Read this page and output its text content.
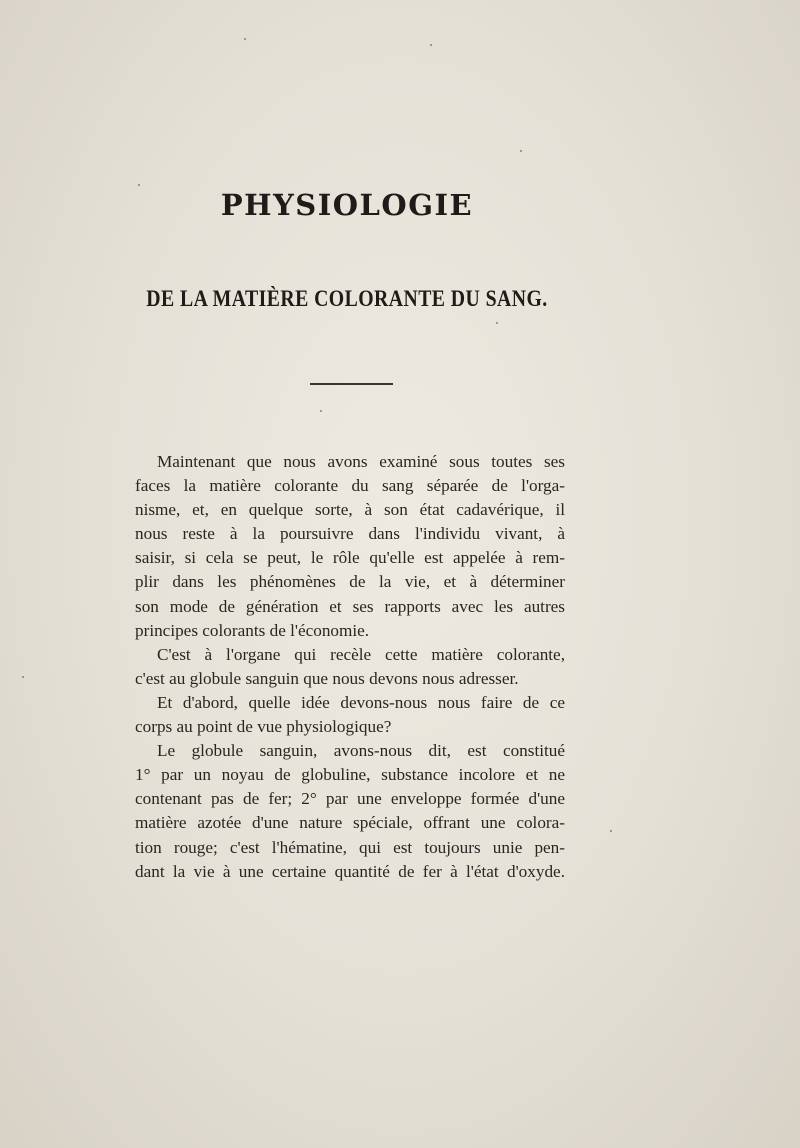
PHYSIOLOGIE
DE LA MATIÈRE COLORANTE DU SANG.
Maintenant que nous avons examiné sous toutes ses
faces la matière colorante du sang séparée de l'orga-
nisme, et, en quelque sorte, à son état cadavérique, il
nous reste à la poursuivre dans l'individu vivant, à
saisir, si cela se peut, le rôle qu'elle est appelée à rem-
plir dans les phénomènes de la vie, et à déterminer
son mode de génération et ses rapports avec les autres
principes colorants de l'économie.
C'est à l'organe qui recèle cette matière colorante,
c'est au globule sanguin que nous devons nous adresser.
Et d'abord, quelle idée devons-nous nous faire de ce
corps au point de vue physiologique?
Le globule sanguin, avons-nous dit, est constitué
1° par un noyau de globuline, substance incolore et ne
contenant pas de fer; 2° par une enveloppe formée d'une
matière azotée d'une nature spéciale, offrant une colora-
tion rouge; c'est l'hématine, qui est toujours unie pen-
dant la vie à une certaine quantité de fer à l'état d'oxyde.
